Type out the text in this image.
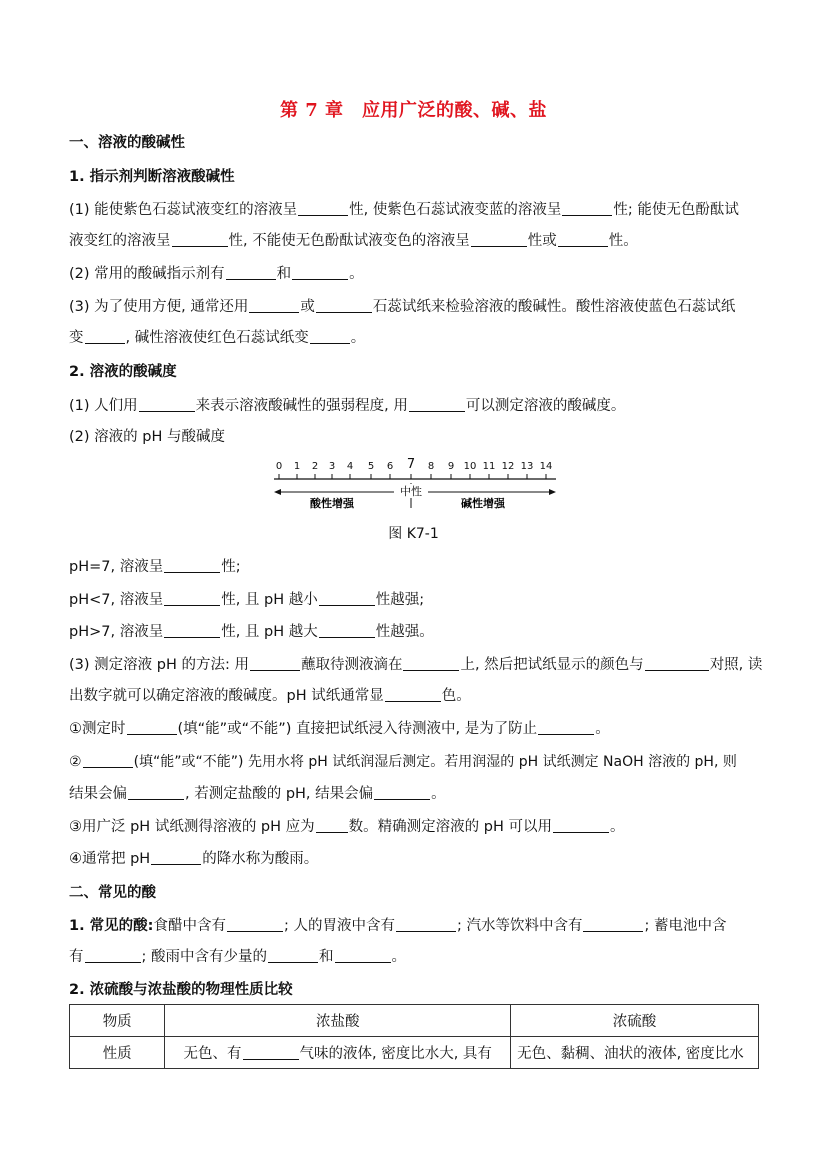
第 7 章　应用广泛的酸、碱、盐
一、溶液的酸碱性
1. 指示剂判断溶液酸碱性
(1) 能使紫色石蕊试液变红的溶液呈	性, 使紫色石蕊试液变蓝的溶液呈	性; 能使无色酚酞试
液变红的溶液呈	性, 不能使无色酚酞试液变色的溶液呈	性或	性。
(2) 常用的酸碱指示剂有	和	。
(3) 为了使用方便, 通常还用	或	石蕊试纸来检验溶液的酸碱性。酸性溶液使蓝色石蕊试纸
变	, 碱性溶液使红色石蕊试纸变	。
2. 溶液的酸碱度
(1) 人们用	来表示溶液酸碱性的强弱程度, 用	可以测定溶液的酸碱度。
(2) 溶液的 pH 与酸碱度
0 1 2 3 4 5 6 7 8 9 10 11 12 13 14
中性
酸性增强	碱性增强
图 K7-1
pH=7, 溶液呈	性;
pH<7, 溶液呈	性, 且 pH 越小	性越强;
pH>7, 溶液呈	性, 且 pH 越大	性越强。
(3) 测定溶液 pH 的方法: 用	蘸取待测液滴在	上, 然后把试纸显示的颜色与	对照, 读
出数字就可以确定溶液的酸碱度。pH 试纸通常显	色。
①测定时	(填“能”或“不能”) 直接把试纸浸入待测液中, 是为了防止	。
②	(填“能”或“不能”) 先用水将 pH 试纸润湿后测定。若用润湿的 pH 试纸测定 NaOH 溶液的 pH, 则
结果会偏	, 若测定盐酸的 pH, 结果会偏	。
③用广泛 pH 试纸测得溶液的 pH 应为 数。精确测定溶液的 pH 可以用	。
④通常把 pH	的降水称为酸雨。
二、常见的酸
1. 常见的酸:食醋中含有	; 人的胃液中含有	; 汽水等饮料中含有	; 蓄电池中含
有	; 酸雨中含有少量的	和	。
2. 浓硫酸与浓盐酸的物理性质比较
物质	浓盐酸	浓硫酸
性质	无色、有 气味的液体, 密度比水大, 具有	无色、黏稠、油状的液体, 密度比水
